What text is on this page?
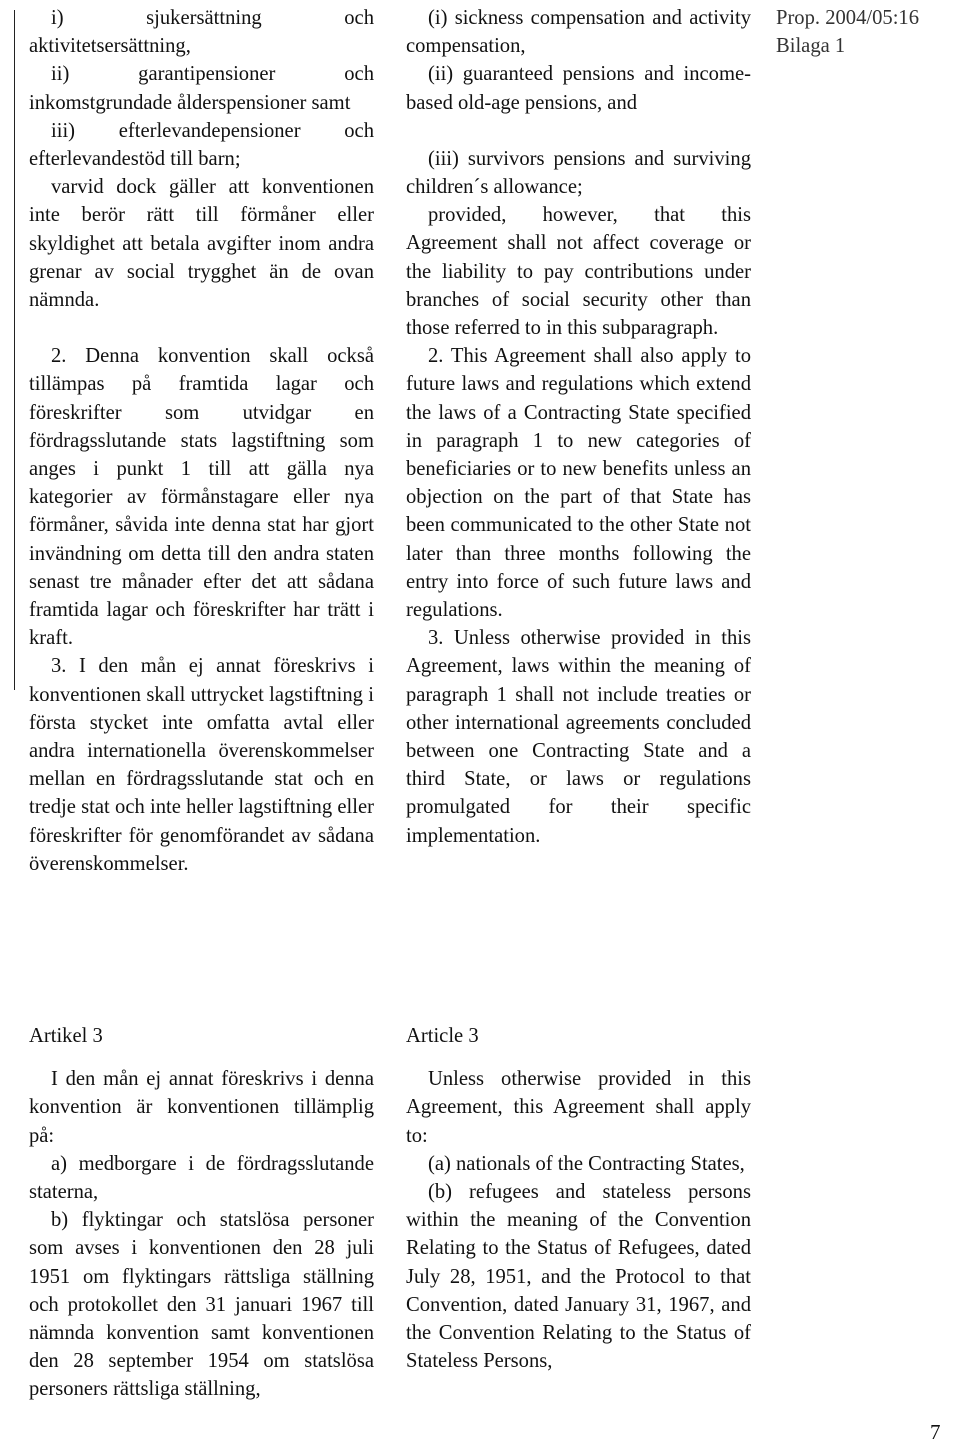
Prop. 2004/05:16
Bilaga 1

i) sjukersättning och aktivitetsersättning,

ii) garantipensioner och inkomstgrundade ålderspensioner samt

iii) efterlevandepensioner och efterlevandestöd till barn;

varvid dock gäller att konventionen inte berör rätt till förmåner eller skyldighet att betala avgifter inom andra grenar av social trygghet än de ovan nämnda.

2. Denna konvention skall också tillämpas på framtida lagar och föreskrifter som utvidgar en fördragsslutande stats lagstiftning som anges i punkt 1 till att gälla nya kategorier av förmånstagare eller nya förmåner, såvida inte denna stat har gjort invändning om detta till den andra staten senast tre månader efter det att sådana framtida lagar och föreskrifter har trätt i kraft.

3. I den mån ej annat föreskrivs i konventionen skall uttrycket lagstiftning i första stycket inte omfatta avtal eller andra internationella överenskommelser mellan en fördragsslutande stat och en tredje stat och inte heller lagstiftning eller föreskrifter för genomförandet av sådana överenskommelser.

(i) sickness compensation and activity compensation,

(ii) guaranteed pensions and income-based old-age pensions, and

(iii) survivors pensions and surviving children´s allowance;

provided, however, that this Agreement shall not affect coverage or the liability to pay contributions under branches of social security other than those referred to in this subparagraph.

2. This Agreement shall also apply to future laws and regulations which extend the laws of a Contracting State specified in paragraph 1 to new categories of beneficiaries or to new benefits unless an objection on the part of that State has been communicated to the other State not later than three months following the entry into force of such future laws and regulations.

3. Unless otherwise provided in this Agreement, laws within the meaning of paragraph 1 shall not include treaties or other international agreements concluded between one Contracting State and a third State, or laws or regulations promulgated for their specific implementation.

Artikel 3

I den mån ej annat föreskrivs i denna konvention är konventionen tillämplig på:

a) medborgare i de fördragsslutande staterna,

b) flyktingar och statslösa personer som avses i konventionen den 28 juli 1951 om flyktingars rättsliga ställning och protokollet den 31 januari 1967 till nämnda konvention samt konventionen den 28 september 1954 om statslösa personers rättsliga ställning,

Article 3

Unless otherwise provided in this Agreement, this Agreement shall apply to:

(a) nationals of the Contracting States,

(b) refugees and stateless persons within the meaning of the Convention Relating to the Status of Refugees, dated July 28, 1951, and the Protocol to that Convention, dated January 31, 1967, and the Convention Relating to the Status of Stateless Persons,

7
